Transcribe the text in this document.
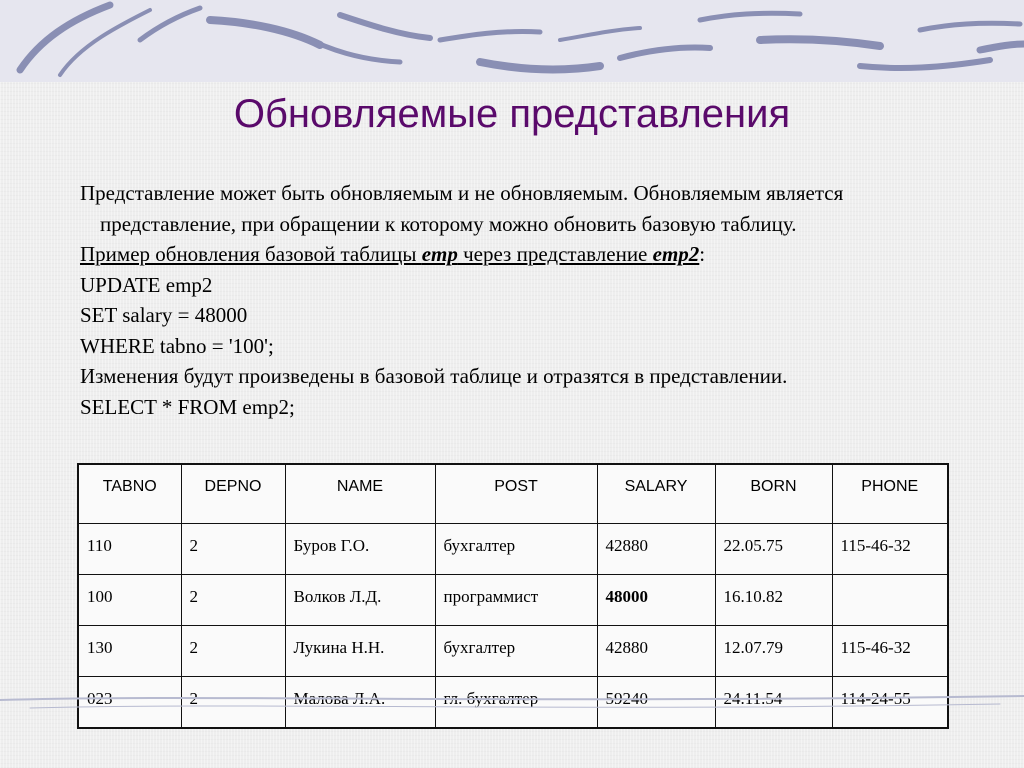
Обновляемые представления

Представление может быть обновляемым и не обновляемым. Обновляемым является представление, при обращении к которому можно обновить базовую таблицу.

Пример обновления базовой таблицы emp через представление emp2:

UPDATE emp2

SET salary = 48000

WHERE tabno = '100';

Изменения будут произведены в базовой таблице и отразятся в представлении.

SELECT * FROM emp2;

TABNO	DEPNO	NAME	POST	SALARY	BORN	PHONE
110	2	Буров Г.О.	бухгалтер	42880	22.05.75	115-46-32
100	2	Волков Л.Д.	программист	48000	16.10.82	
130	2	Лукина Н.Н.	бухгалтер	42880	12.07.79	115-46-32
023	2	Малова Л.А.	гл. бухгалтер	59240	24.11.54	114-24-55
